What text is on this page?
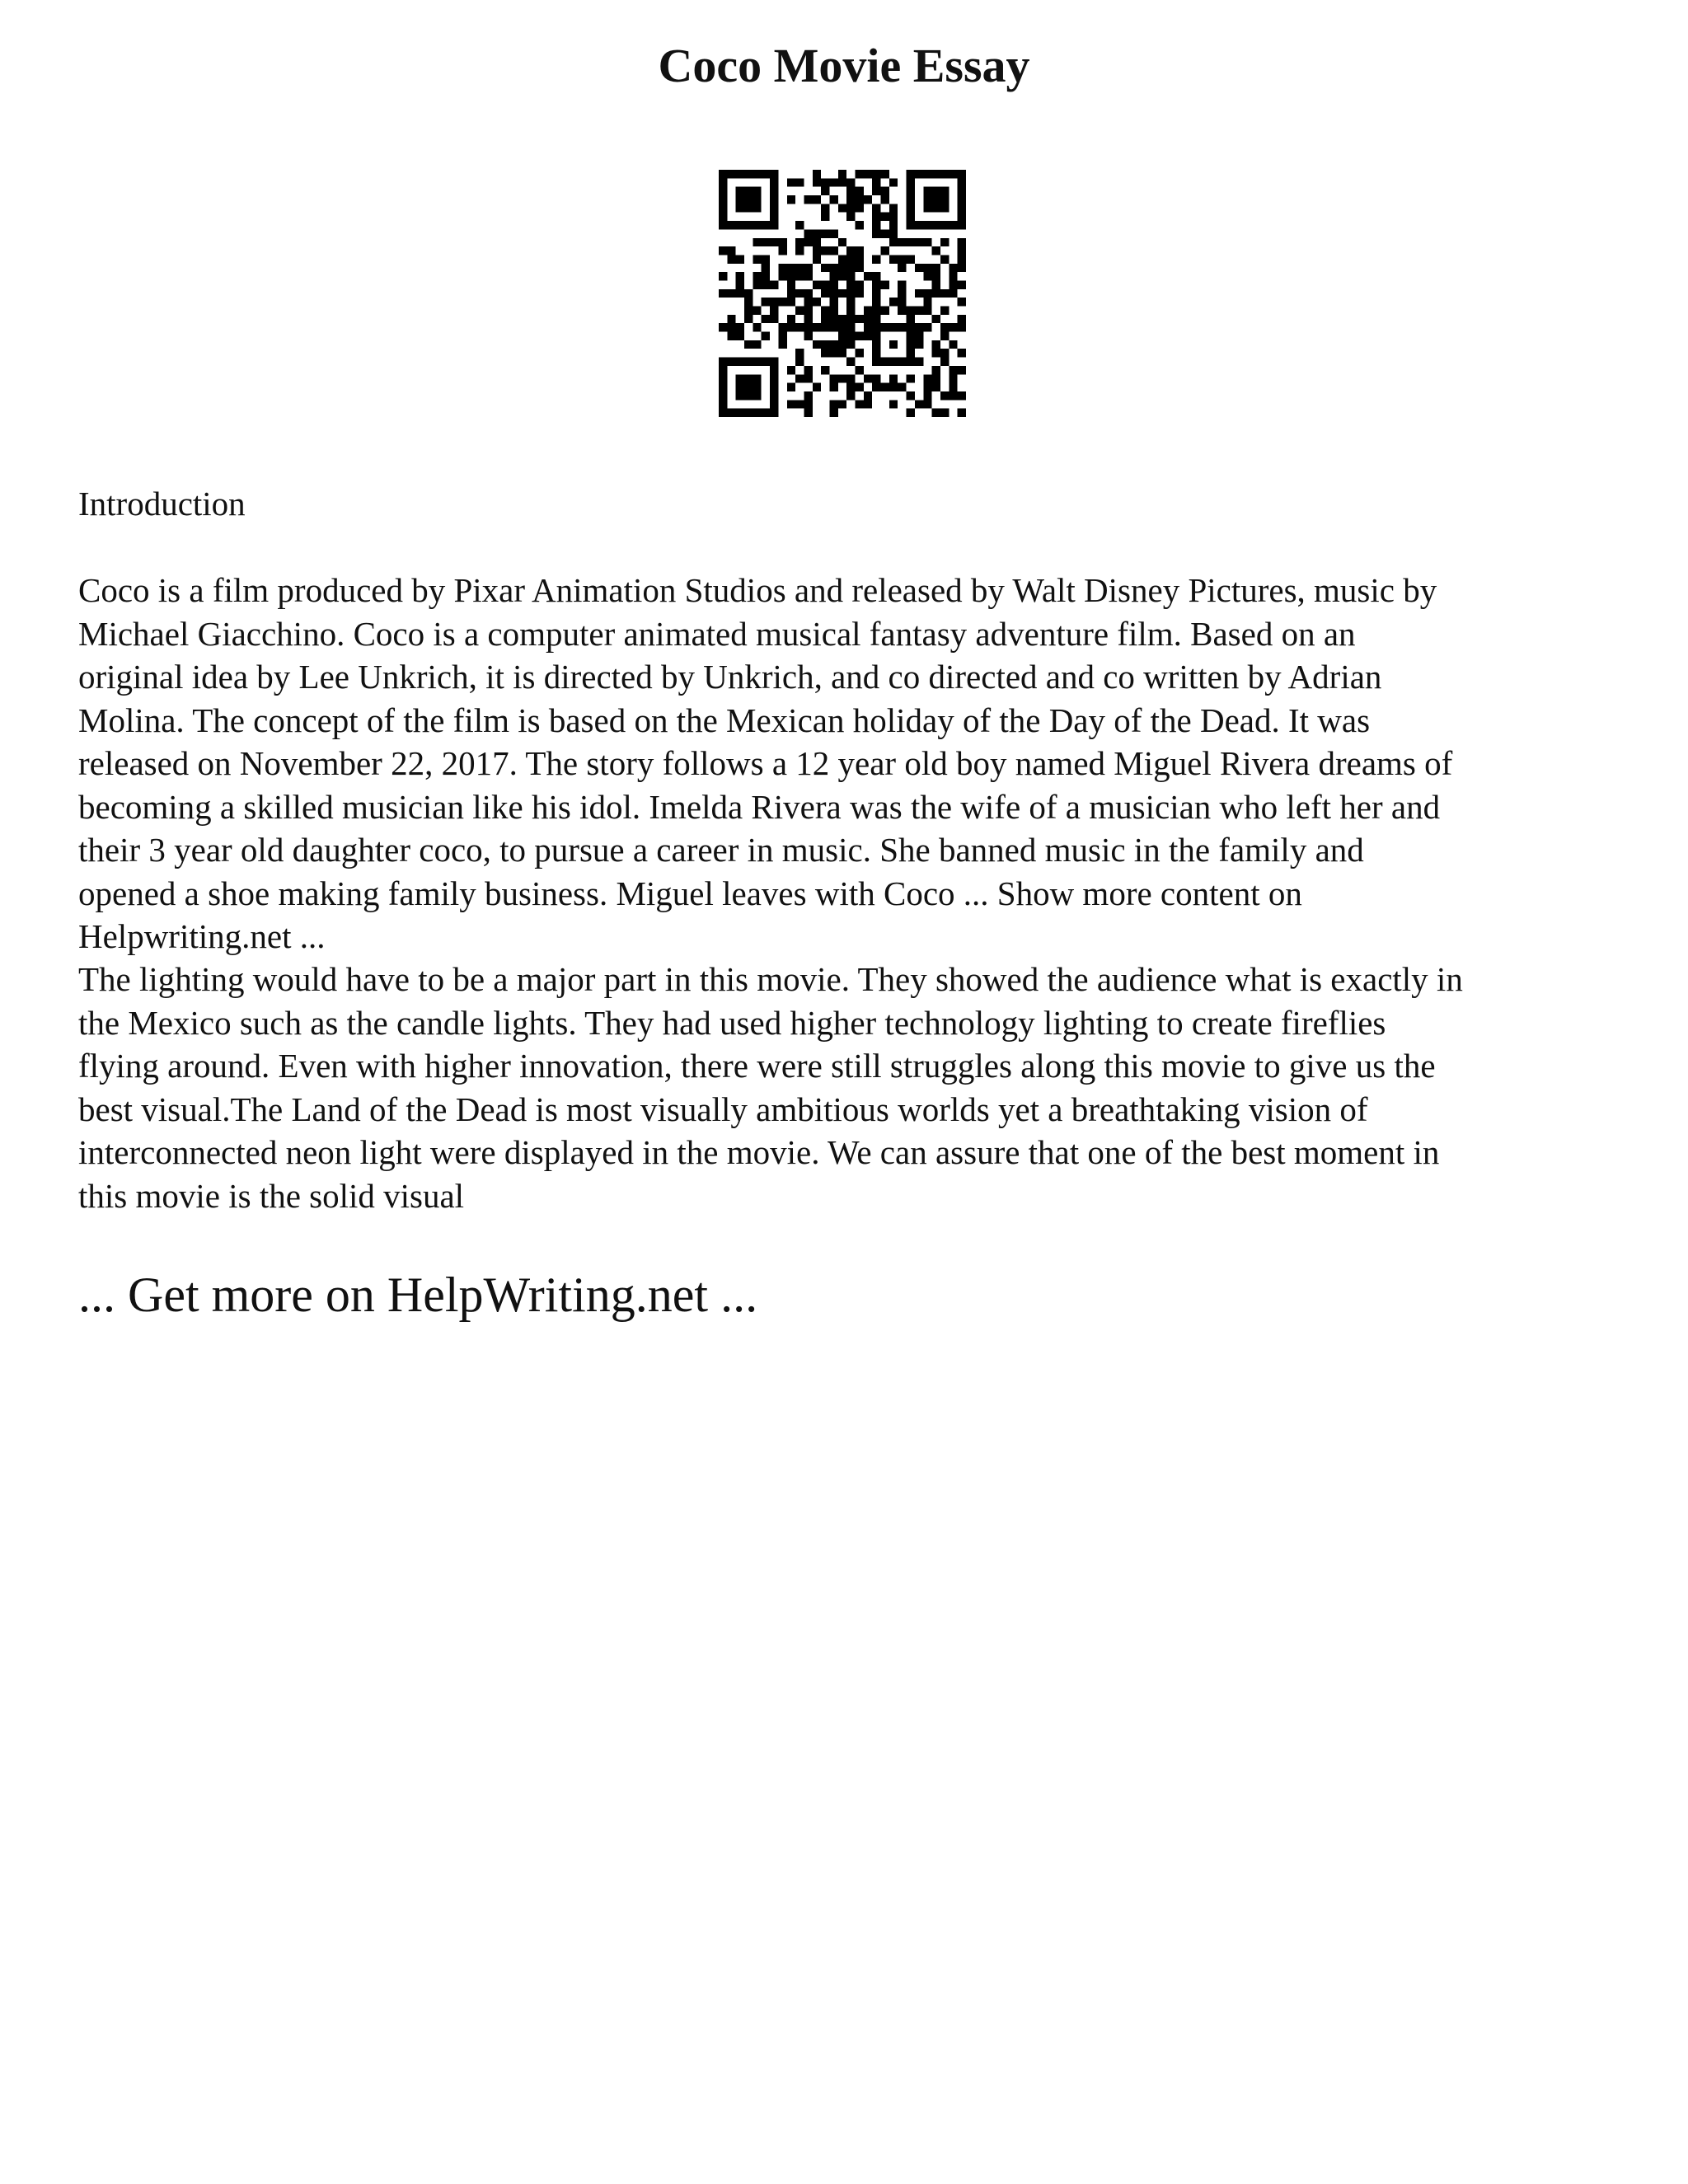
Coco Movie Essay

Introduction

Coco is a film produced by Pixar Animation Studios and released by Walt Disney Pictures, music by
Michael Giacchino. Coco is a computer animated musical fantasy adventure film. Based on an
original idea by Lee Unkrich, it is directed by Unkrich, and co directed and co written by Adrian
Molina. The concept of the film is based on the Mexican holiday of the Day of the Dead. It was
released on November 22, 2017. The story follows a 12 year old boy named Miguel Rivera dreams of
becoming a skilled musician like his idol. Imelda Rivera was the wife of a musician who left her and
their 3 year old daughter coco, to pursue a career in music. She banned music in the family and
opened a shoe making family business. Miguel leaves with Coco ... Show more content on
Helpwriting.net ...
The lighting would have to be a major part in this movie. They showed the audience what is exactly in
the Mexico such as the candle lights. They had used higher technology lighting to create fireflies
flying around. Even with higher innovation, there were still struggles along this movie to give us the
best visual.The Land of the Dead is most visually ambitious worlds yet a breathtaking vision of
interconnected neon light were displayed in the movie. We can assure that one of the best moment in
this movie is the solid visual

... Get more on HelpWriting.net ...
